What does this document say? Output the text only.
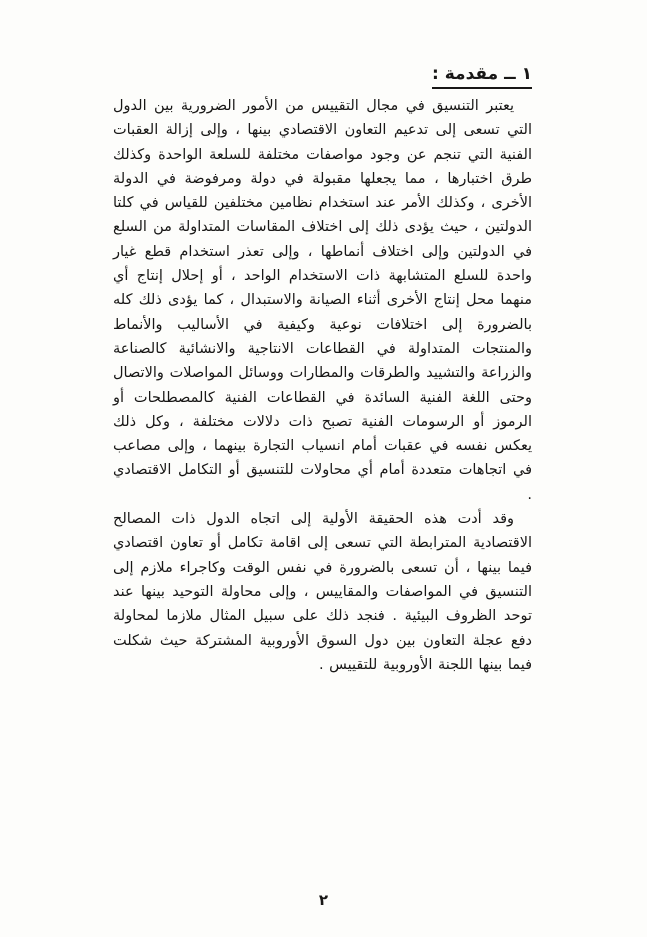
١ ــ مقدمة :

يعتبر التنسيق في مجال التقييس من الأمور الضرورية بين الدول التي تسعى إلى تدعيم التعاون الاقتصادي بينها ، وإلى إزالة العقبات الفنية التي تنجم عن وجود مواصفات مختلفة للسلعة الواحدة وكذلك طرق اختبارها ، مما يجعلها مقبولة في دولة ومرفوضة في الدولة الأخرى ، وكذلك الأمر عند استخدام نظامين مختلفين للقياس في كلتا الدولتين ، حيث يؤدى ذلك إلى اختلاف المقاسات المتداولة من السلع في الدولتين وإلى اختلاف أنماطها ، وإلى تعذر استخدام قطع غيار واحدة للسلع المتشابهة ذات الاستخدام الواحد ، أو إحلال إنتاج أي منهما محل إنتاج الأخرى أثناء الصيانة والاستبدال ، كما يؤدى ذلك كله بالضرورة إلى اختلافات نوعية وكيفية في الأساليب والأنماط والمنتجات المتداولة في القطاعات الانتاجية والانشائية كالصناعة والزراعة والتشييد والطرقات والمطارات ووسائل المواصلات والاتصال وحتى اللغة الفنية السائدة في القطاعات الفنية كالمصطلحات أو الرموز أو الرسومات الفنية تصبح ذات دلالات مختلفة ، وكل ذلك يعكس نفسه في عقبات أمام انسياب التجارة بينهما ، وإلى مصاعب في اتجاهات متعددة أمام أي محاولات للتنسيق أو التكامل الاقتصادي .

وقد أدت هذه الحقيقة الأولية إلى اتجاه الدول ذات المصالح الاقتصادية المترابطة التي تسعى إلى اقامة تكامل أو تعاون اقتصادي فيما بينها ، أن تسعى بالضرورة في نفس الوقت وكاجراء ملازم إلى التنسيق في المواصفات والمقاييس ، وإلى محاولة التوحيد بينها عند توحد الظروف البيئية . فنجد ذلك على سبيل المثال ملازما لمحاولة دفع عجلة التعاون بين دول السوق الأوروبية المشتركة حيث شكلت فيما بينها اللجنة الأوروبية للتقييس .

٢
